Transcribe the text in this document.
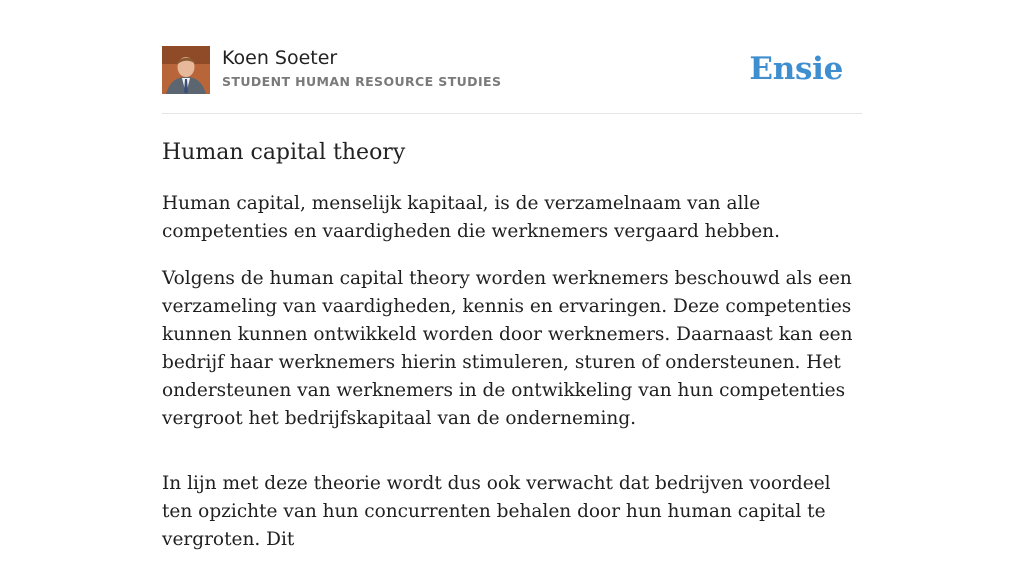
Koen Soeter
STUDENT HUMAN RESOURCE STUDIES	Ensie
Human capital theory

Human capital, menselijk kapitaal, is de verzamelnaam van alle competenties en vaardigheden die werknemers vergaard hebben.

Volgens de human capital theory worden werknemers beschouwd als een verzameling van vaardigheden, kennis en ervaringen. Deze competenties kunnen kunnen ontwikkeld worden door werknemers. Daarnaast kan een bedrijf haar werknemers hierin stimuleren, sturen of ondersteunen. Het ondersteunen van werknemers in de ontwikkeling van hun competenties vergroot het bedrijfskapitaal van de onderneming.

In lijn met deze theorie wordt dus ook verwacht dat bedrijven voordeel ten opzichte van hun concurrenten behalen door hun human capital te vergroten. Dit
